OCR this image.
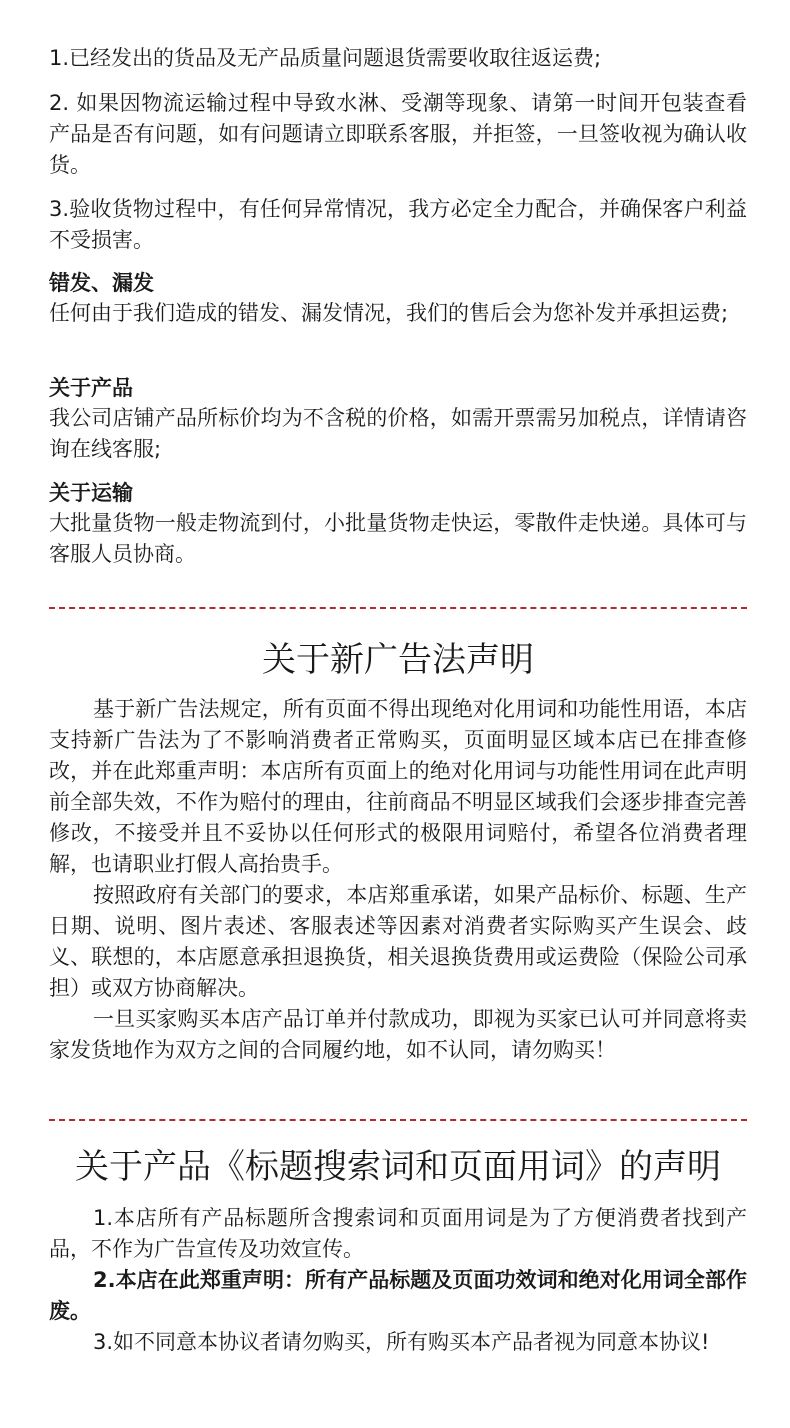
1.已经发出的货品及无产品质量问题退货需要收取往返运费;

2. 如果因物流运输过程中导致水淋、受潮等现象、请第一时间开包装查看产品是否有问题，如有问题请立即联系客服，并拒签，一旦签收视为确认收货。

3.验收货物过程中，有任何异常情况，我方必定全力配合，并确保客户利益不受损害。

错发、漏发

任何由于我们造成的错发、漏发情况，我们的售后会为您补发并承担运费;

关于产品

我公司店铺产品所标价均为不含税的价格，如需开票需另加税点，详情请咨询在线客服;

关于运输

大批量货物一般走物流到付，小批量货物走快运，零散件走快递。具体可与客服人员协商。

关于新广告法声明

基于新广告法规定，所有页面不得出现绝对化用词和功能性用语，本店支持新广告法为了不影响消费者正常购买，页面明显区域本店已在排查修改，并在此郑重声明：本店所有页面上的绝对化用词与功能性用词在此声明前全部失效，不作为赔付的理由，往前商品不明显区域我们会逐步排查完善修改，不接受并且不妥协以任何形式的极限用词赔付，希望各位消费者理解，也请职业打假人高抬贵手。

按照政府有关部门的要求，本店郑重承诺，如果产品标价、标题、生产日期、说明、图片表述、客服表述等因素对消费者实际购买产生误会、歧义、联想的，本店愿意承担退换货，相关退换货费用或运费险（保险公司承担）或双方协商解决。

一旦买家购买本店产品订单并付款成功，即视为买家已认可并同意将卖家发货地作为双方之间的合同履约地，如不认同，请勿购买！

关于产品《标题搜索词和页面用词》的声明

1.本店所有产品标题所含搜索词和页面用词是为了方便消费者找到产品，不作为广告宣传及功效宣传。

2.本店在此郑重声明：所有产品标题及页面功效词和绝对化用词全部作废。

3.如不同意本协议者请勿购买，所有购买本产品者视为同意本协议!
